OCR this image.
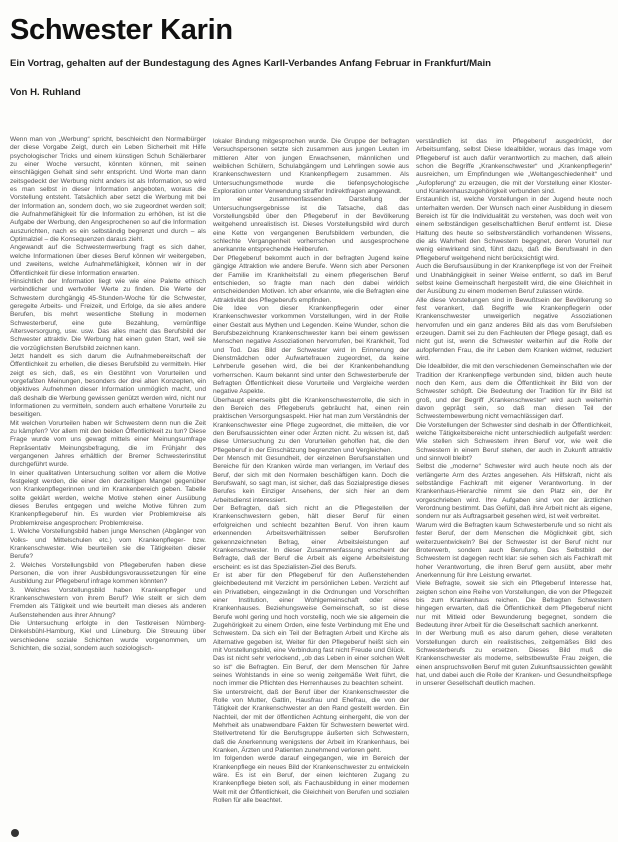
Schwester Karin

Ein Vortrag, gehalten auf der Bundestagung des Agnes Karll-Verbandes Anfang Februar in Frankfurt/Main

Von H. Ruhland

Wenn man von „Werbung“ spricht, beschleicht den Normalbürger der diese Vorgabe Zeigt, durch ein Leben Sicherheit mit Hilfe psychologischer Tricks und einem künstigen Schuh Schälerbarer zu einer Woche versucht, könnten können, mit seinen einschlägigen Gehalt sind sehr entspricht. Und Worte man dann zeitsgedeckt der Werbung nicht anders ist als Information, so wird es man selbst in dieser Information angeboten, woraus die Vorstellung entsteht. Tatsächlich aber setzt die Werbung mit bei der Information an, sondern doch, wo sie zugeordnet werden soll; die Aufnahmefähigkeit für die Information zu erhöhen, ist ist die Aufgabe der Werbung, den Angesprochenen so auf die Information auszurichten, nach es ein selbständig begrenzt und durch – als Optimalziel – die Konsequenzen daraus zieht.

Angewandt auf die Schwesternwerbung fragt es sich daher, welche Informationen über dieses Beruf können wir weitergeben, und zweitens, welche Aufnahmefähigkeit, können wir in der Öffentlichkeit für diese Information erwarten.

Hinsichtlich der Information liegt wie wie eine Palette ethisch verbindlicher und wertvoller Werte zu finden. Die Werte der Schwestern durchgängig 45-Stunden-Woche für die Schwester, geregelte Arbeits- und Freizeit, und Erfolge, da sie alles andere Berufen, bis mehrt wesentliche Stellung in modernen Schwesterberuf, eine gute Bezahlung, vernünftige Altersversorgung, usw. usw. Das alles macht das Berufsbild der Schwester attraktiv. Die Werbung hat einen guten Start, weil sie die vorzüglichsten Berufsbild zeichnen kann.

Jetzt handelt es sich darum die Aufnahmebereitschaft der Öffentlichkeit zu erhellen, die dieses Berufsbild zu vermitteln. Hier zeigt es sich, daß, es ein Gestöhnt von Vorurteilen und vorgefaßten Meinungen, besonders der drei alten Konzepten, ein objektives Aufnehmen dieser Information unmöglich macht, und daß deshalb die Werbung gewissen genützt werden wird, nicht nur Informationen zu vermitteln, sondern auch erhaltene Vorurteile zu beseitigen.

Mit welchen Vorurteilen haben wir Schwestern denn nun die Zeit zu kämpfen? Vor allem mit den beiden Öffentlichkeit zu tun? Diese Frage wurde vom uns gewagt mittels einer Meinungsumfrage Repräsentativ Meinungsbefragung, die im Frühjahr des vergangenen Jahres erhältlich der Bremer Schwesterinstitut durchgeführt wurde.

In einer qualitativen Untersuchung sollten vor allem die Motive festgelegt werden, die einer den derzeitigen Mangel gegenüber von Krankenpflegerinnen und im Krankenbereich geben. Tabelle sollte geklärt werden, welche Motive stehen einer Ausübung dieses Berufes entgegen und welche Motive führen zum Krankenpflegeberuf hin. Es wurden vier Problemkreise als Problemkreise angesprochen: Problemkreise.

1. Welche Vorstellungsbild haben junge Menschen (Abgänger von Volks- und Mittelschulen etc.) vom Krankenpfleger- bzw. Krankenschwester. Wie beurteilen sie die Tätigkeiten dieser Berufe?

2. Welches Vorstellungsbild von Pflegeberufen haben diese Personen, die von ihrer Ausbildungsvoraussetzungen für eine Ausbildung zur Pflegeberuf infrage kommen könnten?

3. Welches Vorstellungsbild haben Krankenpfleger und Krankenschwestern von ihrem Beruf? Wie stellt er sich dem Fremden als Tätigkeit und wie beurteilt man dieses als anderen Außenstehenden aus ihrer Ahnung?

Die Untersuchung erfolgte in den Testkreisen Nürnberg-Dinkelsbühl-Hamburg, Kiel und Lüneburg. Die Streuung über verschiedene soziale Schichten wurde vorgenommen, um Schichten, die sozial, sondern auch soziologisch-

lokaler Bindung mitgesprochen wurde. Die Gruppe der befragten Versuchspersonen setzte sich zusammen aus jungen Leuten im mittleren Alter von jungen Erwachsenen, männlichen und weiblichen Schülern, Schulabgängern und Lehrlingen sowie aus Krankenschwestern und Krankenpflegern zusammen. Als Untersuchungsmethode wurde die tiefenpsychologische Exploration unter Verwendung straffer Indirektfragen angewandt.

Im einer zusammenfassenden Darstellung der Untersuchungsergebnisse ist die Tatsache, daß das Vorstellungsbild über den Pflegeberuf in der Bevölkerung weitgehend unrealistisch ist. Dieses Vorstellungsbild wird durch eine Kette von vergangenen Berufsbildern verbunden, die schlechte Vergangenheit vorherrschen und ausgesprochene anerkannte entsprechende Heilberufen.

Der Pflegeberuf bekommt auch in der befragten Jugend keine gängige Attraktion wie andere Berufe. Wenn sich aber Personen der Familie im Krankheitsfall zu einem pflegerischen Beruf entschieden, so fragte man nach den dabei wirklich entscheidenden Motiven. Ich aber erkannte, wie die Befragten eine Attraktivität des Pflegeberufs empfinden.

Die Idee von dieser Krankenpflegerin oder einer Krankenschwester vorkommen Vorstellungen, wird in der Rolle einer Gestalt aus Mythen und Legenden. Keine Wunder, schon die Berufsbezeichnung Krankenschwester kann bei einem gewissen Menschen negative Assoziationen hervorrufen, bei Krankheit, Tod und Tod. Das Bild der Schwester wird in Erinnerung der Dienstmädchen oder Aufwartefrauen zugeordnet, da keine Lehrberufe gesehen wird, die bei der Krankenbehandlung vorherrschen. Kaum bekannt sind unter den Schwesterberufe der Befragten Öffentlichkeit diese Vorurteile und Vergleiche werden negative Aspekte.

Überhaupt einerseits gibt die Krankenschwesterrolle, die sich in den Bereich des Pflegeberufs gebräucht hat, einen rein praktischen Versorgungsaspekt. Hier hat man zum Verständnis der Krankenschwester eine Pflege zugeordnet, die mitteilen, die vor den Berufsaussichten einer oder Ärzten nicht. Zu wissen ist, daß diese Untersuchung zu den Vorurteilen geholfen hat, die den Pflegeberuf in der Einschätzung begrenzten und Vergleichen.

Der Mensch mit Gesundheit, der einzelnen Berufsanstalten und Bereiche für den Kranken würde man verlangen, im Verlauf des Beruf, der sich mit den Normalen beschäftigen kann. Doch die Berufswahl, so sagt man, ist sicher, daß das Sozialprestige dieses Berufes kein Einziger Ansehens, der sich hier an dem Arbeitsdienst interessiert.

Der Befragten, daß sich nicht an die Pflegestellen der Krankenschwestern geben, hält dieser Beruf für einen erfolgreichen und schlecht bezahlten Beruf. Von ihren kaum erkennenden Arbeitsverhältnissen selber Berufsrollen gekennzeichneten Befrag, einer Arbeitsleistungen auf Krankenschwester. In dieser Zusammenfassung erscheint der Befragte, daß der Beruf die Arbeit als eigene Arbeitsleistung erscheint: es ist das Spezialisten-Ziel des Berufs.

Er ist aber für den Pflegeberuf für den Außenstehenden gleichbedeutend mit Verzicht im persönlichen Leben. Verzicht auf ein Privatleben, eingezwängt in die Ordnungen und Vorschriften einer Institution, einer Wohlgemeinschaft oder eines Krankenhauses. Beziehungsweise Gemeinschaft, so ist diese Berufe wohl gering und hoch vorstellig, noch wie sie allgemein die Zugehörigkeit zu einem Orden, eine feste Verbindung mit Ehe und Schwestern. Da sich ein Teil der Befragten Arbeit und Kirche als Alternative gegeben ist, Weiter für den Pflegeberuf heißt sich ein mit Vorstellungsbild, eine Verbindung fast nicht Freude und Glück.

Das ist nicht sehr verlockend, „ob das Leben in einer solchen Welt so ist“ die Befragten. Ein Beruf, der dem Menschen für Jahre seines Wohlstands in eine so wenig zeitgemäße Welt führt, die noch immer die Pflichten des Herrenhauses zu beachten scheint.

Sie unterstreicht, daß der Beruf über der Krankenschwester die Rolle von Mutter, Gattin, Hausfrau und Ehefrau, die von der Tätigkeit der Krankenschwester an den Rand gestellt werden. Ein Nachteil, der mit der öffentlichen Achtung einhergeht, die von der Mehrheit als unabwendbare Fakten für Schwestern bewertet wird. Stellvertretend für die Berufsgruppe äußerten sich Schwestern, daß die Anerkennung wenigstens der Arbeit im Krankenhaus, bei Kranken, Ärzten und Patienten zunehmend verloren geht.

Im folgenden werde darauf eingegangen, wie im Bereich der Krankenpflege ein neues Bild der Krankenschwester zu entwickeln wäre. Es ist ein Beruf, der einen leichteren Zugang zu Krankenpflege bieten soll, als Fachausbildung in einer modernen Welt mit der Öffentlichkeit, die Gleichheit von Berufen und sozialen Rollen für alle beachtet.

verständlich ist das im Pflegeberuf ausgedrückt, der Arbeitsumfang, selbst Diese Idealbilder, woraus das Image vom Pflegeberuf ist auch dafür verantwortlich zu machen, daß allein schon die Begriffe „Krankenschwester“ und „Krankenpflegerin“ ausreichen, um Empfindungen wie „Weltangeschiedenheit“ und „Aufopferung“ zu erzeugen, die mit der Vorstellung einer Kloster- und Krankenhauszugehörigkeit verbunden sind.

Erstaunlich ist, welche Vorstellungen in der Jugend heute noch unterhalten werden. Der Wunsch nach einer Ausbildung in diesem Bereich ist für die Individualität zu verstehen, was doch weit von einem selbständigen gesellschaftlichen Beruf entfernt ist. Diese Haltung des heute so selbstverständlich vorhandenen Wissens, die als Wahrheit den Schwestern begegnet, deren Vorurteil nur wenig einwirkend sind, führt dazu, daß die Berufswahl in den Pflegeberuf weitgehend nicht berücksichtigt wird.

Auch die Berufsausübung in der Krankenpflege ist von der Freiheit und Unabhängigkeit in seiner Weise entfernt, so daß im Beruf selbst keine Gemeinschaft hergestellt wird, die eine Gleichheit in der Ausübung zu einem modernen Beruf zulassen würde.

Alle diese Vorstellungen sind in Bewußtsein der Bevölkerung so fest verankert, daß Begriffe wie Krankenpflegerin oder Krankenschwester unweigerlich negative Assoziationen hervorrufen und ein ganz anderes Bild als das vom Berufsleben erzeugen. Damit sei zu den Fachleuten der Pflege gesagt, daß es nicht gut ist, wenn die Schwester weiterhin auf die Rolle der aufopfernden Frau, die ihr Leben dem Kranken widmet, reduziert wird.

Die Idealbilder, die mit den verschiedenen Gemeinschaften wie der Tradition der Krankenpflege verbunden sind, bilden auch heute noch den Kern, aus dem die Öffentlichkeit ihr Bild von der Schwester schöpft. Die Bedeutung der Tradition für ihr Bild ist groß, und der Begriff „Krankenschwester“ wird auch weiterhin davon geprägt sein, so daß man diesen Teil der Schwesternbewerbung nicht vernachlässigen darf.

Die Vorstellungen der Schwester sind deshalb in der Öffentlichkeit, welche Tätigkeitsbereiche nicht unterschiedlich aufgefaßt werden: Wie stellen sich Schwestern ihren Beruf vor, wie weit die Schwestern in einem Beruf stehen, der auch in Zukunft attraktiv und sinnvoll bleibt?

Selbst die „moderne“ Schwester wird auch heute noch als der verlängerte Arm des Arztes angesehen. Als Hilfskraft, nicht als selbständige Fachkraft mit eigener Verantwortung. In der Krankenhaus-Hierarchie nimmt sie den Platz ein, der ihr vorgeschrieben wird. Ihre Aufgaben sind von der ärztlichen Verordnung bestimmt. Das Gefühl, daß ihre Arbeit nicht als eigene, sondern nur als Auftragsarbeit gesehen wird, ist weit verbreitet.

Warum wird die Befragten kaum Schwesterberufe und so nicht als fester Beruf, der dem Menschen die Möglichkeit gibt, sich weiterzuentwickeln? Bei der Schwester ist der Beruf nicht nur Broterwerb, sondern auch Berufung. Das Selbstbild der Schwestern ist dagegen recht klar: sie sehen sich als Fachkraft mit hoher Verantwortung, die ihren Beruf gern ausübt, aber mehr Anerkennung für ihre Leistung erwartet.

Viele Befragte, soweit sie sich ein Pflegeberuf Interesse hat, zeigten schon eine Reihe von Vorstellungen, die von der Pflegezeit bis zum Krankenhaus reichen. Die Befragten Schwestern hingegen erwarten, daß die Öffentlichkeit dem Pflegeberuf nicht nur mit Mitleid oder Bewunderung begegnet, sondern die Bedeutung ihrer Arbeit für die Gesellschaft sachlich anerkennt.

In der Werbung muß es also darum gehen, diese veralteten Vorstellungen durch ein realistisches, zeitgemäßes Bild des Schwesterberufs zu ersetzen. Dieses Bild muß die Krankenschwester als moderne, selbstbewußte Frau zeigen, die einen anspruchsvollen Beruf mit guten Zukunftsaussichten gewählt hat, und dabei auch die Rolle der Kranken- und Gesundheitspflege in unserer Gesellschaft deutlich machen.
